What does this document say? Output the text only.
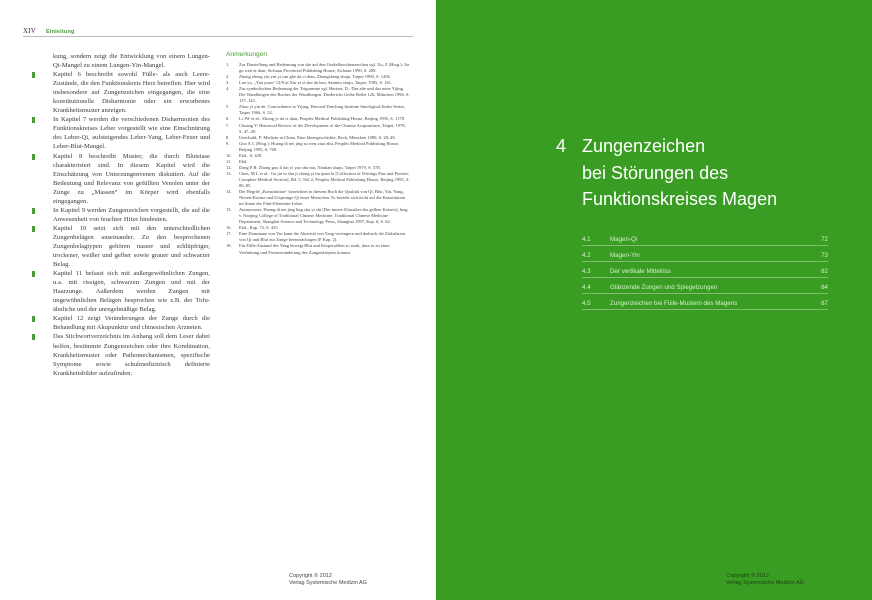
XIV Einleitung

kung, sondern zeigt die Entwicklung von einem Lungen-Qi-Mangel zu einem Lungen-Yin-Mangel.

Kapitel 6 beschreibt sowohl Fülle- als auch Leere-Zustände, die den Funktionskreis Herz betreffen. Hier wird insbesondere auf Zungenzeichen eingegangen, die eine konstitutionelle Disharmonie oder ein erworbenes Krankheitsmuster anzeigen.

In Kapitel 7 werden die verschiedenen Disharmonien des Funktionskreises Leber vorgestellt wie eine Einschnürung des Leber-Qi, aufsteigendes Leber-Yang, Leber-Feuer und Leber-Blut-Mangel.

Kapitel 8 beschreibt Muster, die durch Blutstase charakterisiert sind. In diesem Kapitel wird die Einschätzung von Unterzungenvenen diskutiert. Auf die Bedeutung und Relevanz von gefüllten Venolen unter der Zunge zu „Massen“ im Körper wird ebenfalls eingegangen.

In Kapitel 9 werden Zungenzeichen vorgestellt, die auf die Anwesenheit von feuchter Hitze hindeuten.

Kapitel 10 setzt sich mit den unterschiedlichen Zungenbelägen auseinander. Zu den besprochenen Zungenbelagtypen gehören nasser und schlüpfriger, trockener, weißer und gelber sowie grauer und schwarzer Belag.

Kapitel 11 befasst sich mit außergewöhnlichen Zungen, u.a. mit rissigen, schwarzen Zungen und mit der Haarzunge. Außerdem werden Zungen mit ungewöhnlichen Belägen besprochen wie z.B. der Tofu-ähnliche und der unregelmäßige Belag.

Kapitel 12 zeigt Veränderungen der Zunge durch die Behandlung mit Akupunktur und chinesischen Arzneien.

Das Stichwortverzeichnis im Anhang soll dem Leser dabei helfen, bestimmte Zungenzeichen oder ihre Kombination, Krankheitsmuster oder Pathomechanismen, spezifische Symptome sowie schulmedizinisch definierte Krankheitsbilder aufzufinden.

Anmerkungen
1. Zur Darstellung und Bedeutung von she auf den Orakelknochenzeichen vgl. Xu, Z (Hrsg.): Jia gu wen zi dian, Sichuan Provincial Publishing House, Sichuan 1990, S. 208.
2. Zhong zheng yin yin yi can ghe da ci dian, Zhongzheng shuju, Taipei 1990, S. 1456.
3. Lan yu, „Yan yuan“ 12/8 in Xin yi si shu du ben, Sanmin shuju, Taipei, 1985, S. 161.
4. Zur symbolischen Bedeutung der Trigramme vgl. Hertzer, D.: Das alte und das neue Yijing. Die Wandlungen des Buches der Wandlungen, Diederichs Gelbe Reihe 126, München 1996, S. 137–143.
5. Zhou yi yin de, Concordance to Yijing, Harvard Yenching Institute Sinological Index Series, Taipei 1966, S. 52.
6. Li JW et al.: Zhong yi da ci dian, Peoples Medical Publishing House, Beijing 1995, S. 1178.
7. Chuang Y: Historical Review of the Development of the Chinese Acupuncture, Taipei, 1978, S. 47–49.
8. Unschuld, P: Medizin in China. Eine Ideengeschichte, Beck, München 1980, S. 28–48.
9. Guo A C (Hrsg.): Huang di nei jing su wen xiao zhu, Peoples Medical Publishing House, Beijing 1995, S. 769.
10. Ebd., S. 428.
11. Ebd.
12. Dang P B: Zhong guo li dai yi yao shu mu, Nantian shuju, Taipei 1979, S. 378.
13. Chen, M L et al.: Gu jin tu shu ji cheng yi bu quan lu [Collection of Writings Past and Present: Complete Medical Section], Bd. 5, Teil 2, Peoples Medical Publishing House, Beijing 1995, S. 80–85.
14. Der Begriff „Konstitution“ bezeichnet in diesem Buch die Qualität von Qi, Blut, Yin, Yang, Nieren-Essenz und Ursprungs-Qi eines Menschen. Er bezieht sich nicht auf die Konstitution im Sinne der Fünf-Elemente-Lehre.
15. Anonymous: Huang di nei jing ling shu yi shi [Der innere Klassiker des gelben Kaisers], hrsg. v. Nanjing College of Traditional Chinese Medicine, Traditional Chinese Medicine Department, Shanghai Science and Technology Press, Shanghai 1997, Kap. 6, S. 62.
16. Ebd., Kap. 72, S. 435
17. Eine Dominanz von Yin kann die Aktivität von Yang verringern und dadurch die Zirkulation von Qi und Blut zur Zunge beeinträchtigen (F Kap. 2).
18. Ein Fülle-Zustand des Yang bewegt Blut und Körpersäften so stark, dass es zu einer Verfärbung und Formveränderung des Zungenkörpers kommt.
Copyright © 2012
Verlag Systemische Medizin AG
4 Zungenzeichen
bei Störungen des
Funktionskreises Magen
4.1	Magen-Qi	72
4.2	Magen-Yin	73
4.3	Der vertikale Mittelriss	82
4.4	Glänzende Zungen und Spiegelzungen	84
4.5	Zungenzeichen bei Fülle-Mustern des Magens	87
Copyright © 2012
Verlag Systemische Medizin AG
